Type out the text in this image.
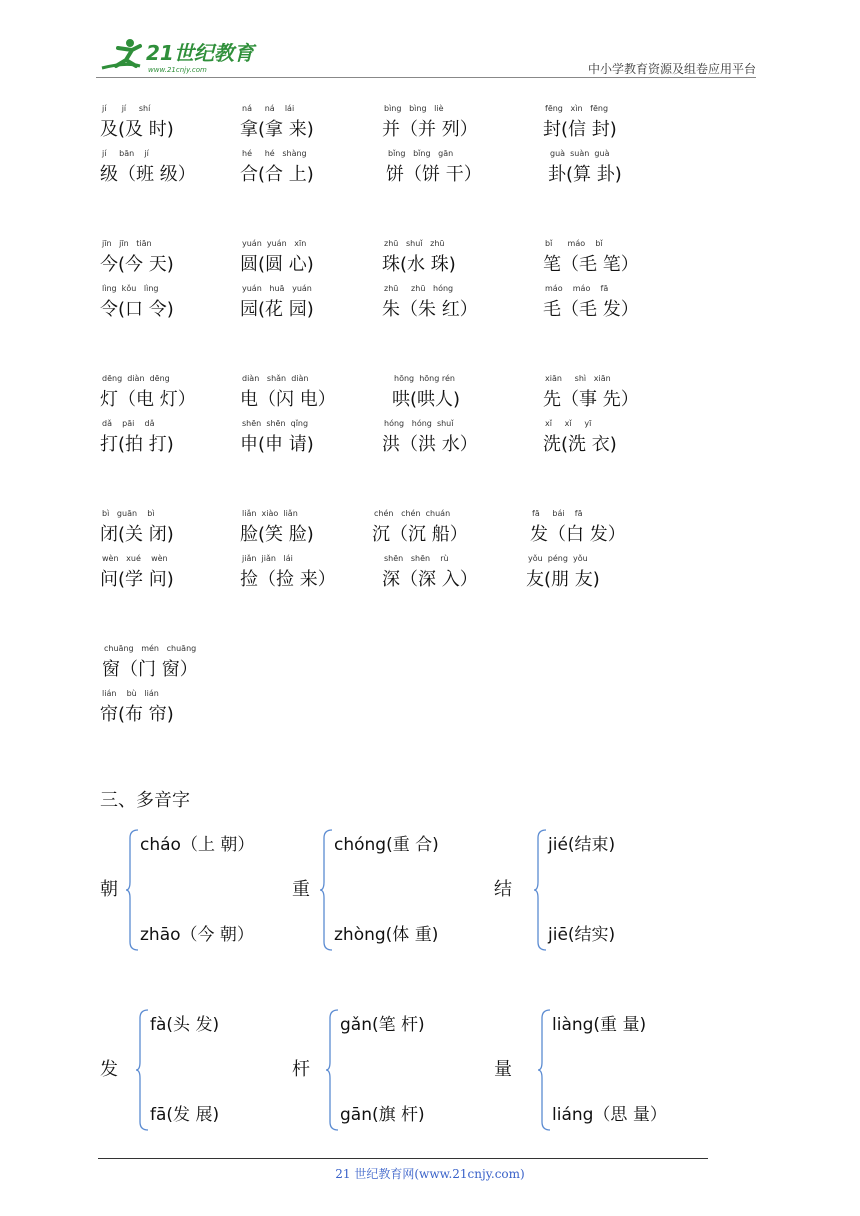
21世纪教育
www.21cnjy.com	中小学教育资源及组卷应用平台
jí      jí     shí
及(及 时)
jí     bān    jí
级（班 级）
ná     ná    lái
拿(拿 来)
hé     hé   shàng
合(合 上)
bìng   bìng   liè
并（并 列）
bǐng   bǐng   gān
饼（饼 干）
fēng   xìn   fēng
封(信 封)
guà  suàn  guà
卦(算 卦)
jīn   jīn   tiān
今(今 天)
lìng  kǒu   lìng
令(口 令)
yuán  yuán   xīn
圆(圆 心)
yuán   huā   yuán
园(花 园)
zhū   shuǐ   zhū
珠(水 珠)
zhū     zhū   hóng
朱（朱 红）
bǐ      máo    bǐ
笔（毛 笔）
máo    máo    fā
毛（毛 发）
dēng  diàn  dēng
灯（电 灯）
dǎ    pāi    dǎ
打(拍 打)
diàn   shǎn  diàn
电（闪 电）
shēn  shēn  qǐng
申(申 请)
hōng  hōng rén
哄(哄人)
hóng   hóng  shuǐ
洪（洪 水）
xiān     shì   xiān
先（事 先）
xǐ     xǐ     yī
洗(洗 衣)
bì   guān    bì
闭(关 闭)
wèn   xué    wèn
问(学 问)
liǎn  xiào  liǎn
脸(笑 脸)
jiǎn  jiǎn   lái
捡（捡 来）
chén   chén  chuán
沉（沉 船）
shēn   shēn    rù
深（深 入）
fā     bái    fā
发（白 发）
yǒu  péng  yǒu
友(朋 友)
chuāng   mén   chuāng
窗（门 窗）
lián    bù   lián
帘(布 帘)
三、多音字
朝
cháo（上 朝）
zhāo（今 朝）
重
chóng(重 合)
zhòng(体 重)
结
jié(结束)
jiē(结实)
发
fà(头 发)
fā(发 展)
杆
gǎn(笔 杆)
gān(旗 杆)
量
liàng(重 量)
liáng（思 量）
21 世纪教育网(www.21cnjy.com)
